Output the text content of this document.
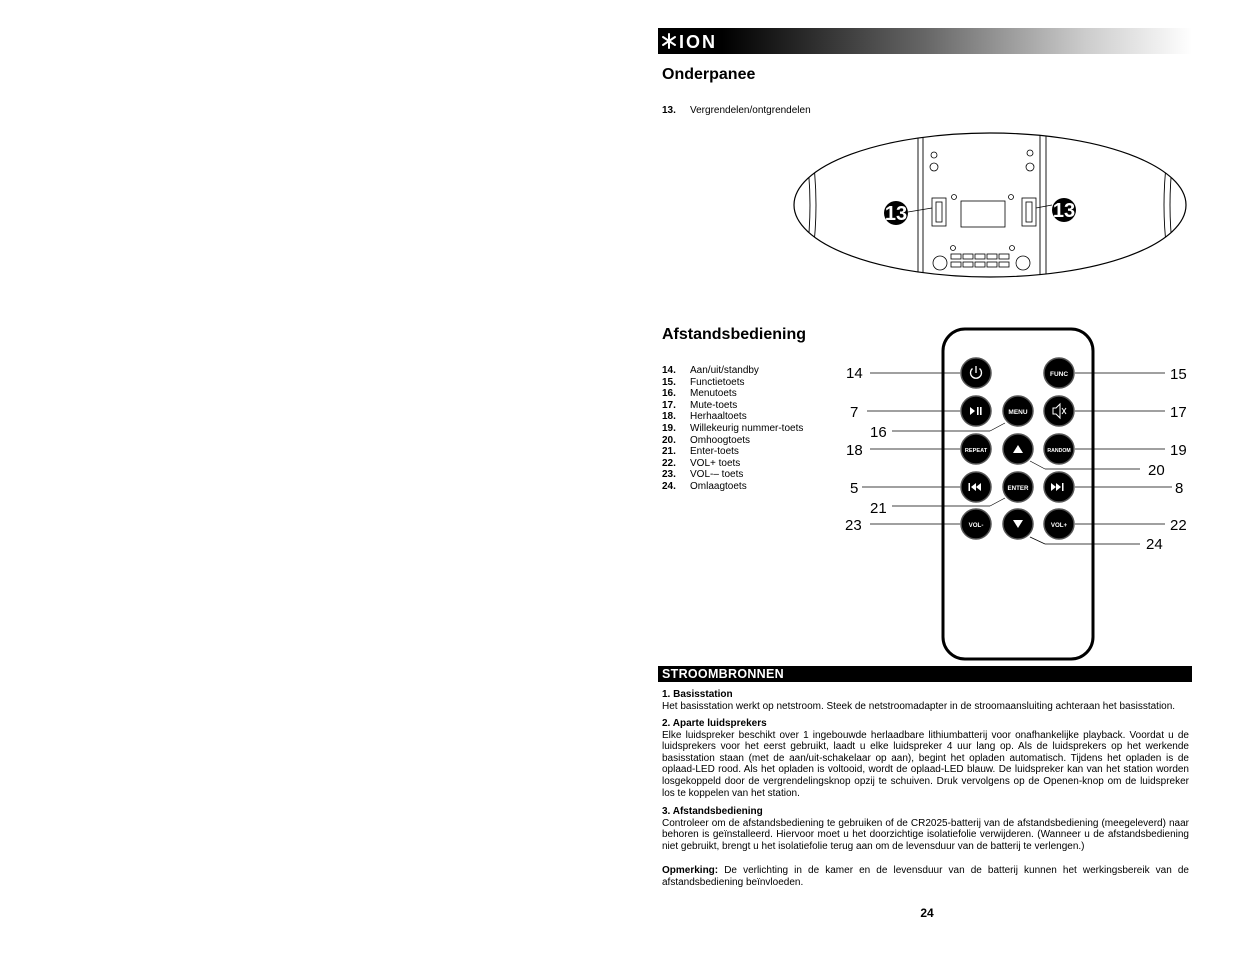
ION
Onderpanee
13.	Vergrendelen/ontgrendelen
13	13
Afstandsbediening
14.	Aan/uit/standby
15.	Functietoets
16.	Menutoets
17.	Mute-toets
18.	Herhaaltoets
19.	Willekeurig nummer-toets
20.	Omhoogtoets
21.	Enter-toets
22.	VOL+ toets
23.	VOL-– toets
24.	Omlaagtoets
FUNC
MENU
REPEAT	RANDOM
ENTER
VOL-	VOL+
14	15
7	17
16
18	19
20
5	8
21
23	22
24
STROOMBRONNEN
1. Basisstation
Het basisstation werkt op netstroom. Steek de netstroomadapter in de stroomaansluiting achteraan het basisstation.
2. Aparte luidsprekers
Elke luidspreker beschikt over 1 ingebouwde herlaadbare lithiumbatterij voor onafhankelijke playback. Voordat u de luidsprekers voor het eerst gebruikt, laadt u elke luidspreker 4 uur lang op. Als de luidsprekers op het werkende basisstation staan (met de aan/uit-schakelaar op aan), begint het opladen automatisch. Tijdens het opladen is de oplaad-LED rood. Als het opladen is voltooid, wordt de oplaad-LED blauw. De luidspreker kan van het station worden losgekoppeld door de vergrendelingsknop opzij te schuiven. Druk vervolgens op de Openen-knop om de luidspreker los te koppelen van het station.
3. Afstandsbediening
Controleer om de afstandsbediening te gebruiken of de CR2025-batterij van de afstandsbediening (meegeleverd) naar behoren is geïnstalleerd. Hiervoor moet u het doorzichtige isolatiefolie verwijderen. (Wanneer u de afstandsbediening niet gebruikt, brengt u het isolatiefolie terug aan om de levensduur van de batterij te verlengen.)
Opmerking: De verlichting in de kamer en de levensduur van de batterij kunnen het werkingsbereik van de afstandsbediening beïnvloeden.
24
